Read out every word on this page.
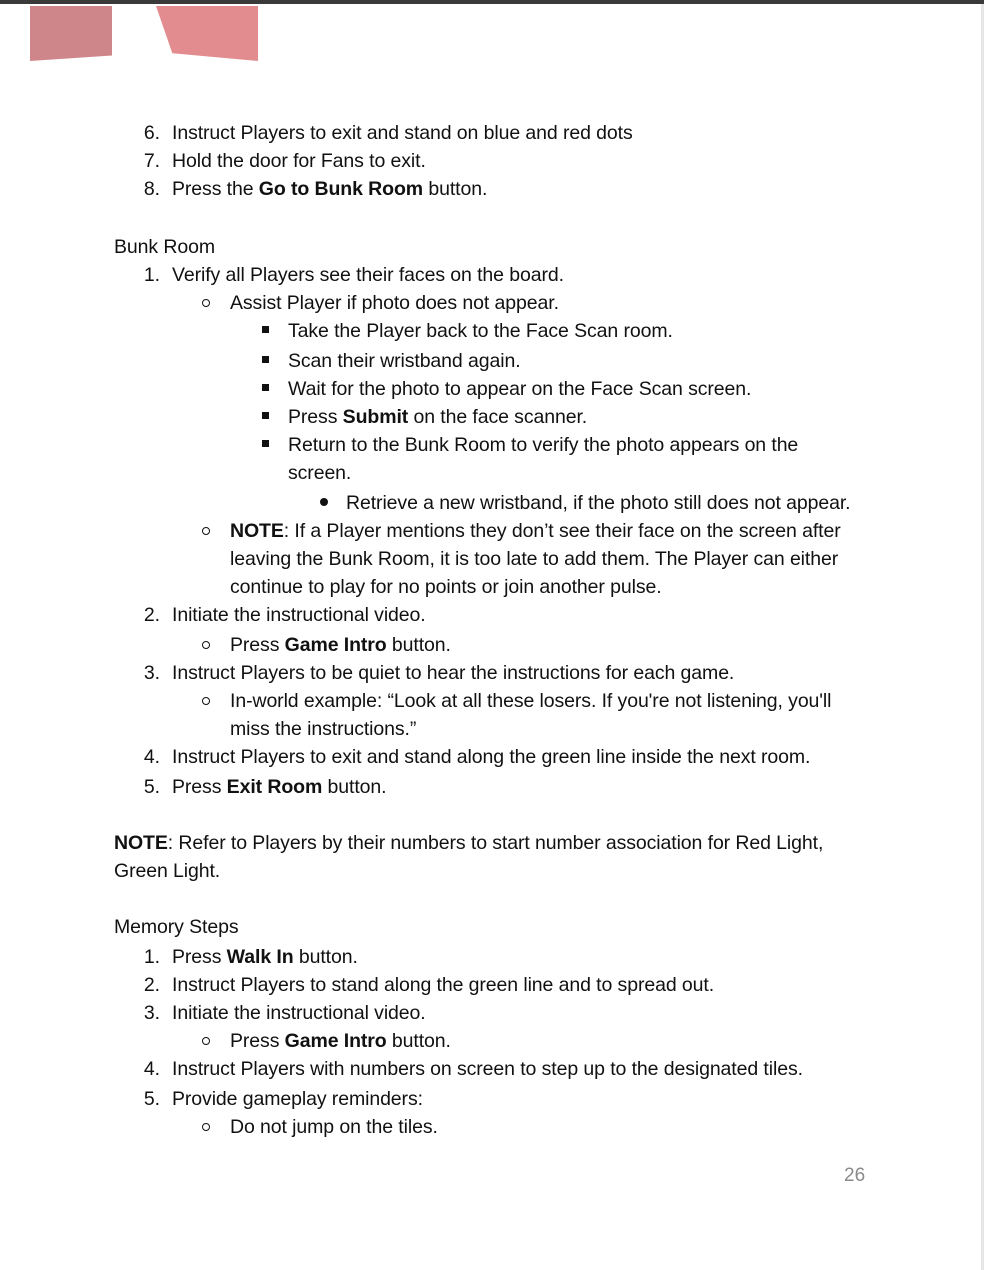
6. Instruct Players to exit and stand on blue and red dots
7. Hold the door for Fans to exit.
8. Press the Go to Bunk Room button.
Bunk Room
1. Verify all Players see their faces on the board.
Assist Player if photo does not appear.
Take the Player back to the Face Scan room.
Scan their wristband again.
Wait for the photo to appear on the Face Scan screen.
Press Submit on the face scanner.
Return to the Bunk Room to verify the photo appears on the
screen.
Retrieve a new wristband, if the photo still does not appear.
NOTE: If a Player mentions they don’t see their face on the screen after
leaving the Bunk Room, it is too late to add them. The Player can either
continue to play for no points or join another pulse.
2. Initiate the instructional video.
Press Game Intro button.
3. Instruct Players to be quiet to hear the instructions for each game.
In-world example: “Look at all these losers. If you're not listening, you'll
miss the instructions.”
4. Instruct Players to exit and stand along the green line inside the next room.
5. Press Exit Room button.
NOTE: Refer to Players by their numbers to start number association for Red Light,
Green Light.
Memory Steps
1. Press Walk In button.
2. Instruct Players to stand along the green line and to spread out.
3. Initiate the instructional video.
Press Game Intro button.
4. Instruct Players with numbers on screen to step up to the designated tiles.
5. Provide gameplay reminders:
Do not jump on the tiles.
26
